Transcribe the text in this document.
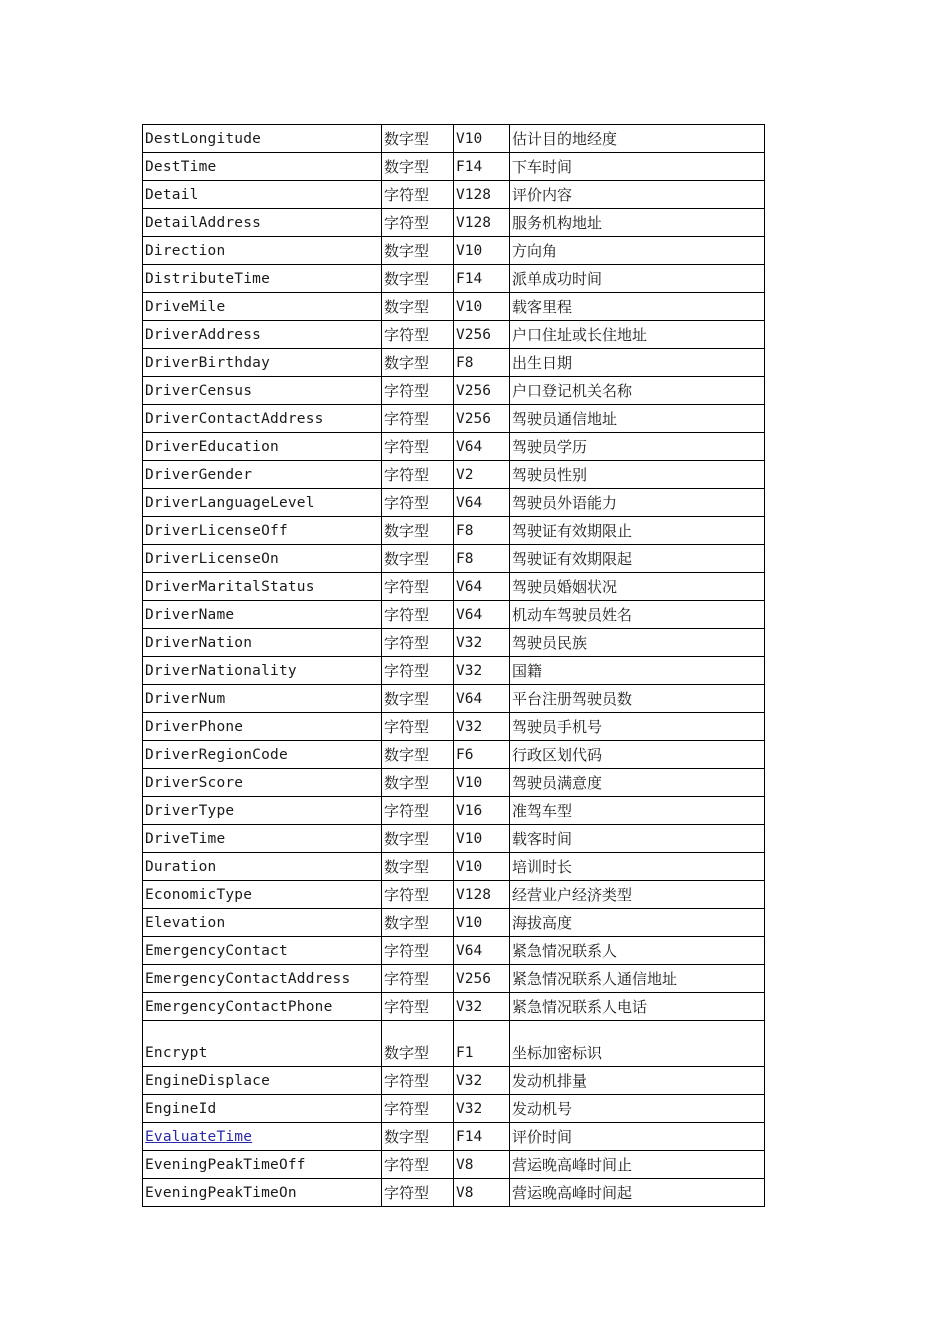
DestLongitude	数字型	V10	估计目的地经度
DestTime	数字型	F14	下车时间
Detail	字符型	V128	评价内容
DetailAddress	字符型	V128	服务机构地址
Direction	数字型	V10	方向角
DistributeTime	数字型	F14	派单成功时间
DriveMile	数字型	V10	载客里程
DriverAddress	字符型	V256	户口住址或长住地址
DriverBirthday	数字型	F8	出生日期
DriverCensus	字符型	V256	户口登记机关名称
DriverContactAddress	字符型	V256	驾驶员通信地址
DriverEducation	字符型	V64	驾驶员学历
DriverGender	字符型	V2	驾驶员性别
DriverLanguageLevel	字符型	V64	驾驶员外语能力
DriverLicenseOff	数字型	F8	驾驶证有效期限止
DriverLicenseOn	数字型	F8	驾驶证有效期限起
DriverMaritalStatus	字符型	V64	驾驶员婚姻状况
DriverName	字符型	V64	机动车驾驶员姓名
DriverNation	字符型	V32	驾驶员民族
DriverNationality	字符型	V32	国籍
DriverNum	数字型	V64	平台注册驾驶员数
DriverPhone	字符型	V32	驾驶员手机号
DriverRegionCode	数字型	F6	行政区划代码
DriverScore	数字型	V10	驾驶员满意度
DriverType	字符型	V16	准驾车型
DriveTime	数字型	V10	载客时间
Duration	数字型	V10	培训时长
EconomicType	字符型	V128	经营业户经济类型
Elevation	数字型	V10	海拔高度
EmergencyContact	字符型	V64	紧急情况联系人
EmergencyContactAddress	字符型	V256	紧急情况联系人通信地址
EmergencyContactPhone	字符型	V32	紧急情况联系人电话
Encrypt	数字型	F1	坐标加密标识
EngineDisplace	字符型	V32	发动机排量
EngineId	字符型	V32	发动机号
EvaluateTime	数字型	F14	评价时间
EveningPeakTimeOff	字符型	V8	营运晚高峰时间止
EveningPeakTimeOn	字符型	V8	营运晚高峰时间起
